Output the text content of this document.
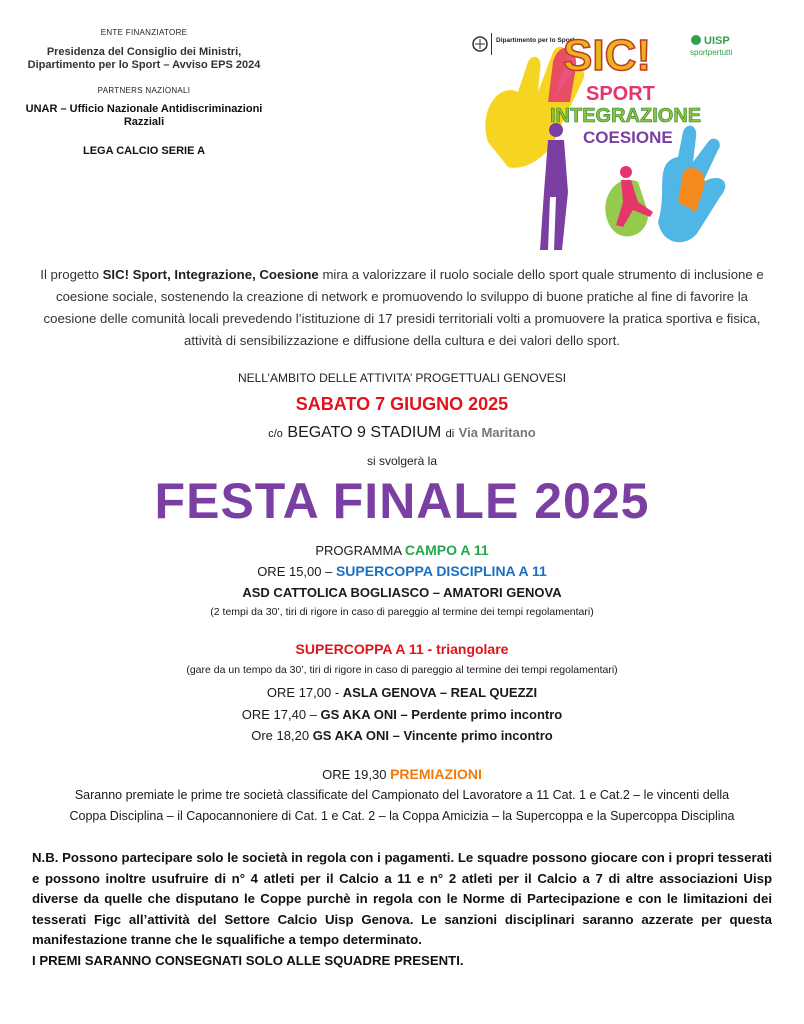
ENTE FINANZIATORE
Presidenza del Consiglio dei Ministri, Dipartimento per lo Sport – Avviso EPS 2024
PARTNERS NAZIONALI
UNAR – Ufficio Nazionale Antidiscriminazioni Razziali
LEGA CALCIO SERIE A
Dipartimento per lo Sport
SIC!	UISP
sportpertutti
SPORT
INTEGRAZIONE
COESIONE
Il progetto SIC! Sport, Integrazione, Coesione mira a valorizzare il ruolo sociale dello sport quale strumento di inclusione e coesione sociale, sostenendo la creazione di network e promuovendo lo sviluppo di buone pratiche al fine di favorire la coesione delle comunità locali prevedendo l’istituzione di 17 presidi territoriali volti a promuovere la pratica sportiva e fisica, attività di sensibilizzazione e diffusione della cultura e dei valori dello sport.
NELL’AMBITO DELLE ATTIVITA’ PROGETTUALI GENOVESI
SABATO 7 GIUGNO 2025
c/o BEGATO 9 STADIUM di Via Maritano
si svolgerà la
FESTA FINALE 2025
PROGRAMMA CAMPO A 11
ORE 15,00 – SUPERCOPPA DISCIPLINA A 11
ASD CATTOLICA BOGLIASCO – AMATORI GENOVA
(2 tempi da 30’, tiri di rigore in caso di pareggio al termine dei tempi regolamentari)
SUPERCOPPA A 11 - triangolare
(gare da un tempo da 30’, tiri di rigore in caso di pareggio al termine dei tempi regolamentari)
ORE 17,00 - ASLA GENOVA – REAL QUEZZI
ORE 17,40 – GS AKA ONI – Perdente primo incontro
Ore 18,20 GS AKA ONI – Vincente primo incontro
ORE 19,30 PREMIAZIONI
Saranno premiate le prime tre società classificate del Campionato del Lavoratore a 11 Cat. 1 e Cat.2 – le vincenti della
Coppa Disciplina – il Capocannoniere di Cat. 1 e Cat. 2 – la Coppa Amicizia – la Supercoppa e la Supercoppa Disciplina

N.B. Possono partecipare solo le società in regola con i pagamenti. Le squadre possono giocare con i propri tesserati e possono inoltre usufruire di n° 4 atleti per il Calcio a 11 e n° 2 atleti per il Calcio a 7 di altre associazioni Uisp diverse da quelle che disputano le Coppe purchè in regola con le Norme di Partecipazione e con le limitazioni dei tesserati Figc all’attività del Settore Calcio Uisp Genova. Le sanzioni disciplinari saranno azzerate per questa manifestazione tranne che le squalifiche a tempo determinato.

I PREMI SARANNO CONSEGNATI SOLO ALLE SQUADRE PRESENTI.
